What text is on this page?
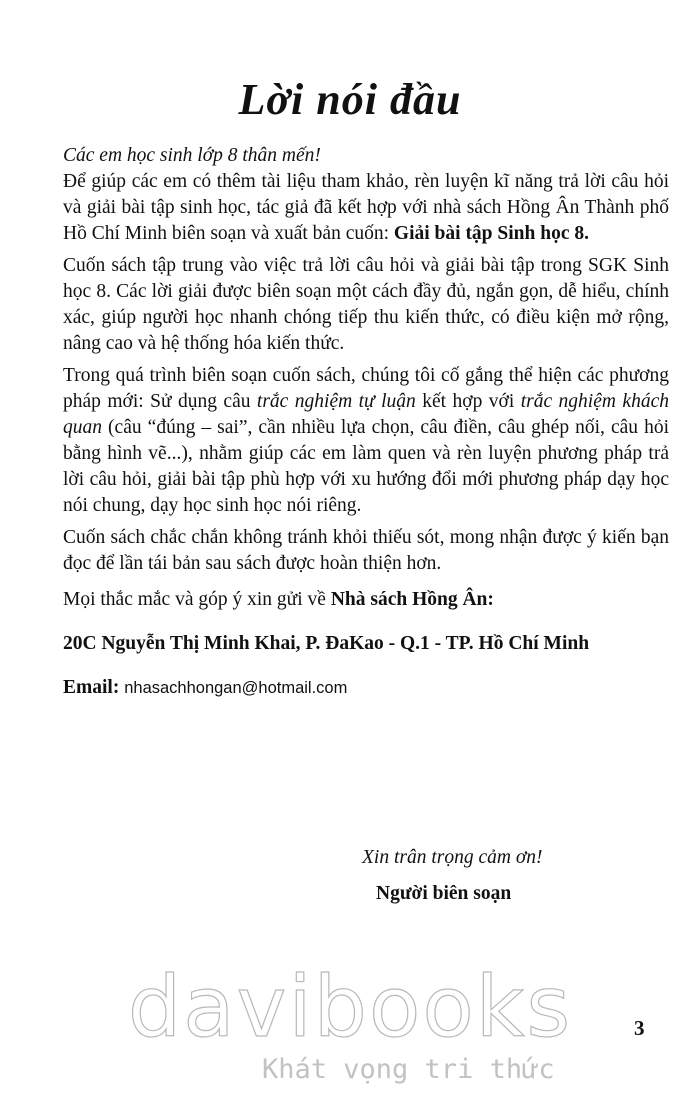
Lời nói đầu

Các em học sinh lớp 8 thân mến!

Để giúp các em có thêm tài liệu tham khảo, rèn luyện kĩ năng trả lời câu hỏi và giải bài tập sinh học, tác giả đã kết hợp với nhà sách Hồng Ân Thành phố Hồ Chí Minh biên soạn và xuất bản cuốn: Giải bài tập Sinh học 8.

Cuốn sách tập trung vào việc trả lời câu hỏi và giải bài tập trong SGK Sinh học 8. Các lời giải được biên soạn một cách đầy đủ, ngắn gọn, dễ hiểu, chính xác, giúp người học nhanh chóng tiếp thu kiến thức, có điều kiện mở rộng, nâng cao và hệ thống hóa kiến thức.

Trong quá trình biên soạn cuốn sách, chúng tôi cố gắng thể hiện các phương pháp mới: Sử dụng câu trắc nghiệm tự luận kết hợp với trắc nghiệm khách quan (câu “đúng – sai”, cần nhiều lựa chọn, câu điền, câu ghép nối, câu hỏi bằng hình vẽ...), nhằm giúp các em làm quen và rèn luyện phương pháp trả lời câu hỏi, giải bài tập phù hợp với xu hướng đổi mới phương pháp dạy học nói chung, dạy học sinh học nói riêng.

Cuốn sách chắc chắn không tránh khỏi thiếu sót, mong nhận được ý kiến bạn đọc để lần tái bản sau sách được hoàn thiện hơn.

Mọi thắc mắc và góp ý xin gửi về Nhà sách Hồng Ân:

20C Nguyễn Thị Minh Khai, P. ĐaKao - Q.1 - TP. Hồ Chí Minh

Email: nhasachhongan@hotmail.com

Xin trân trọng cảm ơn!
Người biên soạn
davibooks
Khát vọng tri thức
3
